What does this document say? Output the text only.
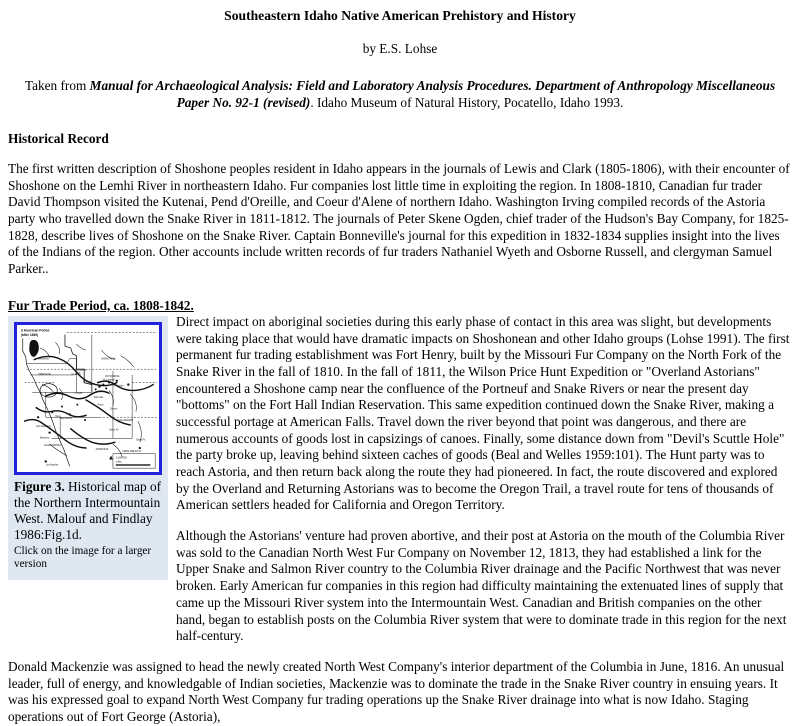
Southeastern Idaho Native American Prehistory and History

by E.S. Lohse

Taken from Manual for Archaeological Analysis: Field and Laboratory Analysis Procedures. Department of Anthropology Miscellaneous Paper No. 92-1 (revised). Idaho Museum of Natural History, Pocatello, Idaho 1993.

Historical Record

The first written description of Shoshone peoples resident in Idaho appears in the journals of Lewis and Clark (1805-1806), with their encounter of Shoshone on the Lemhi River in northeastern Idaho. Fur companies lost little time in exploiting the region. In 1808-1810, Canadian fur trader David Thompson visited the Kutenai, Pend d'Oreille, and Coeur d'Alene of northern Idaho. Washington Irving compiled records of the Astoria party who travelled down the Snake River in 1811-1812. The journals of Peter Skene Ogden, chief trader of the Hudson's Bay Company, for 1825-1828, describe lives of Shoshone on the Snake River. Captain Bonneville's journal for this expedition in 1832-1834 supplies insight into the lives of the Indians of the region. Other accounts include written records of fur traders Nathaniel Wyeth and Osborne Russell, and clergyman Samuel Parker..

Fur Trade Period, ca. 1808-1842.
d American Period
(after 1860)
OREGON
IDAHO
NEVADA
UTAH
CALIFORNIA
ARIZONA	NEW MEXICO
COLORADO
WYOMING
MONTANA
Vancouver
Ft. Boise
Ft. Hall
Ft. Laramie
Ft. Bridger
Salt Lake
Provo
Reno
San Francisco
Monterey
Denver
Santa Fe
Santa Fe
Los Angeles
0 100 200
miles

Figure 3. Historical map of the Northern Intermountain West. Malouf and Findlay 1986:Fig.1d.

Click on the image for a larger version

Direct impact on aboriginal societies during this early phase of contact in this area was slight, but developments were taking place that would have dramatic impacts on Shoshonean and other Idaho groups (Lohse 1991). The first permanent fur trading establishment was Fort Henry, built by the Missouri Fur Company on the North Fork of the Snake River in the fall of 1810. In the fall of 1811, the Wilson Price Hunt Expedition or "Overland Astorians" encountered a Shoshone camp near the confluence of the Portneuf and Snake Rivers or near the present day "bottoms" on the Fort Hall Indian Reservation. This same expedition continued down the Snake River, making a successful portage at American Falls. Travel down the river beyond that point was dangerous, and there are numerous accounts of goods lost in capsizings of canoes. Finally, some distance down from "Devil's Scuttle Hole" the party broke up, leaving behind sixteen caches of goods (Beal and Welles 1959:101). The Hunt party was to reach Astoria, and then return back along the route they had pioneered. In fact, the route discovered and explored by the Overland and Returning Astorians was to become the Oregon Trail, a travel route for tens of thousands of American settlers headed for California and Oregon Territory.

Although the Astorians' venture had proven abortive, and their post at Astoria on the mouth of the Columbia River was sold to the Canadian North West Fur Company on November 12, 1813, they had established a link for the Upper Snake and Salmon River country to the Columbia River drainage and the Pacific Northwest that was never broken. Early American fur companies in this region had difficulty maintaining the extenuated lines of supply that came up the Missouri River system into the Intermountain West. Canadian and British companies on the other hand, began to establish posts on the Columbia River system that were to dominate trade in this region for the next half-century.

Donald Mackenzie was assigned to head the newly created North West Company's interior department of the Columbia in June, 1816. An unusual leader, full of energy, and knowledgable of Indian societies, Mackenzie was to dominate the trade in the Snake River country in ensuing years. It was his expressed goal to expand North West Company fur trading operations up the Snake River drainage into what is now Idaho. Staging operations out of Fort George (Astoria),
